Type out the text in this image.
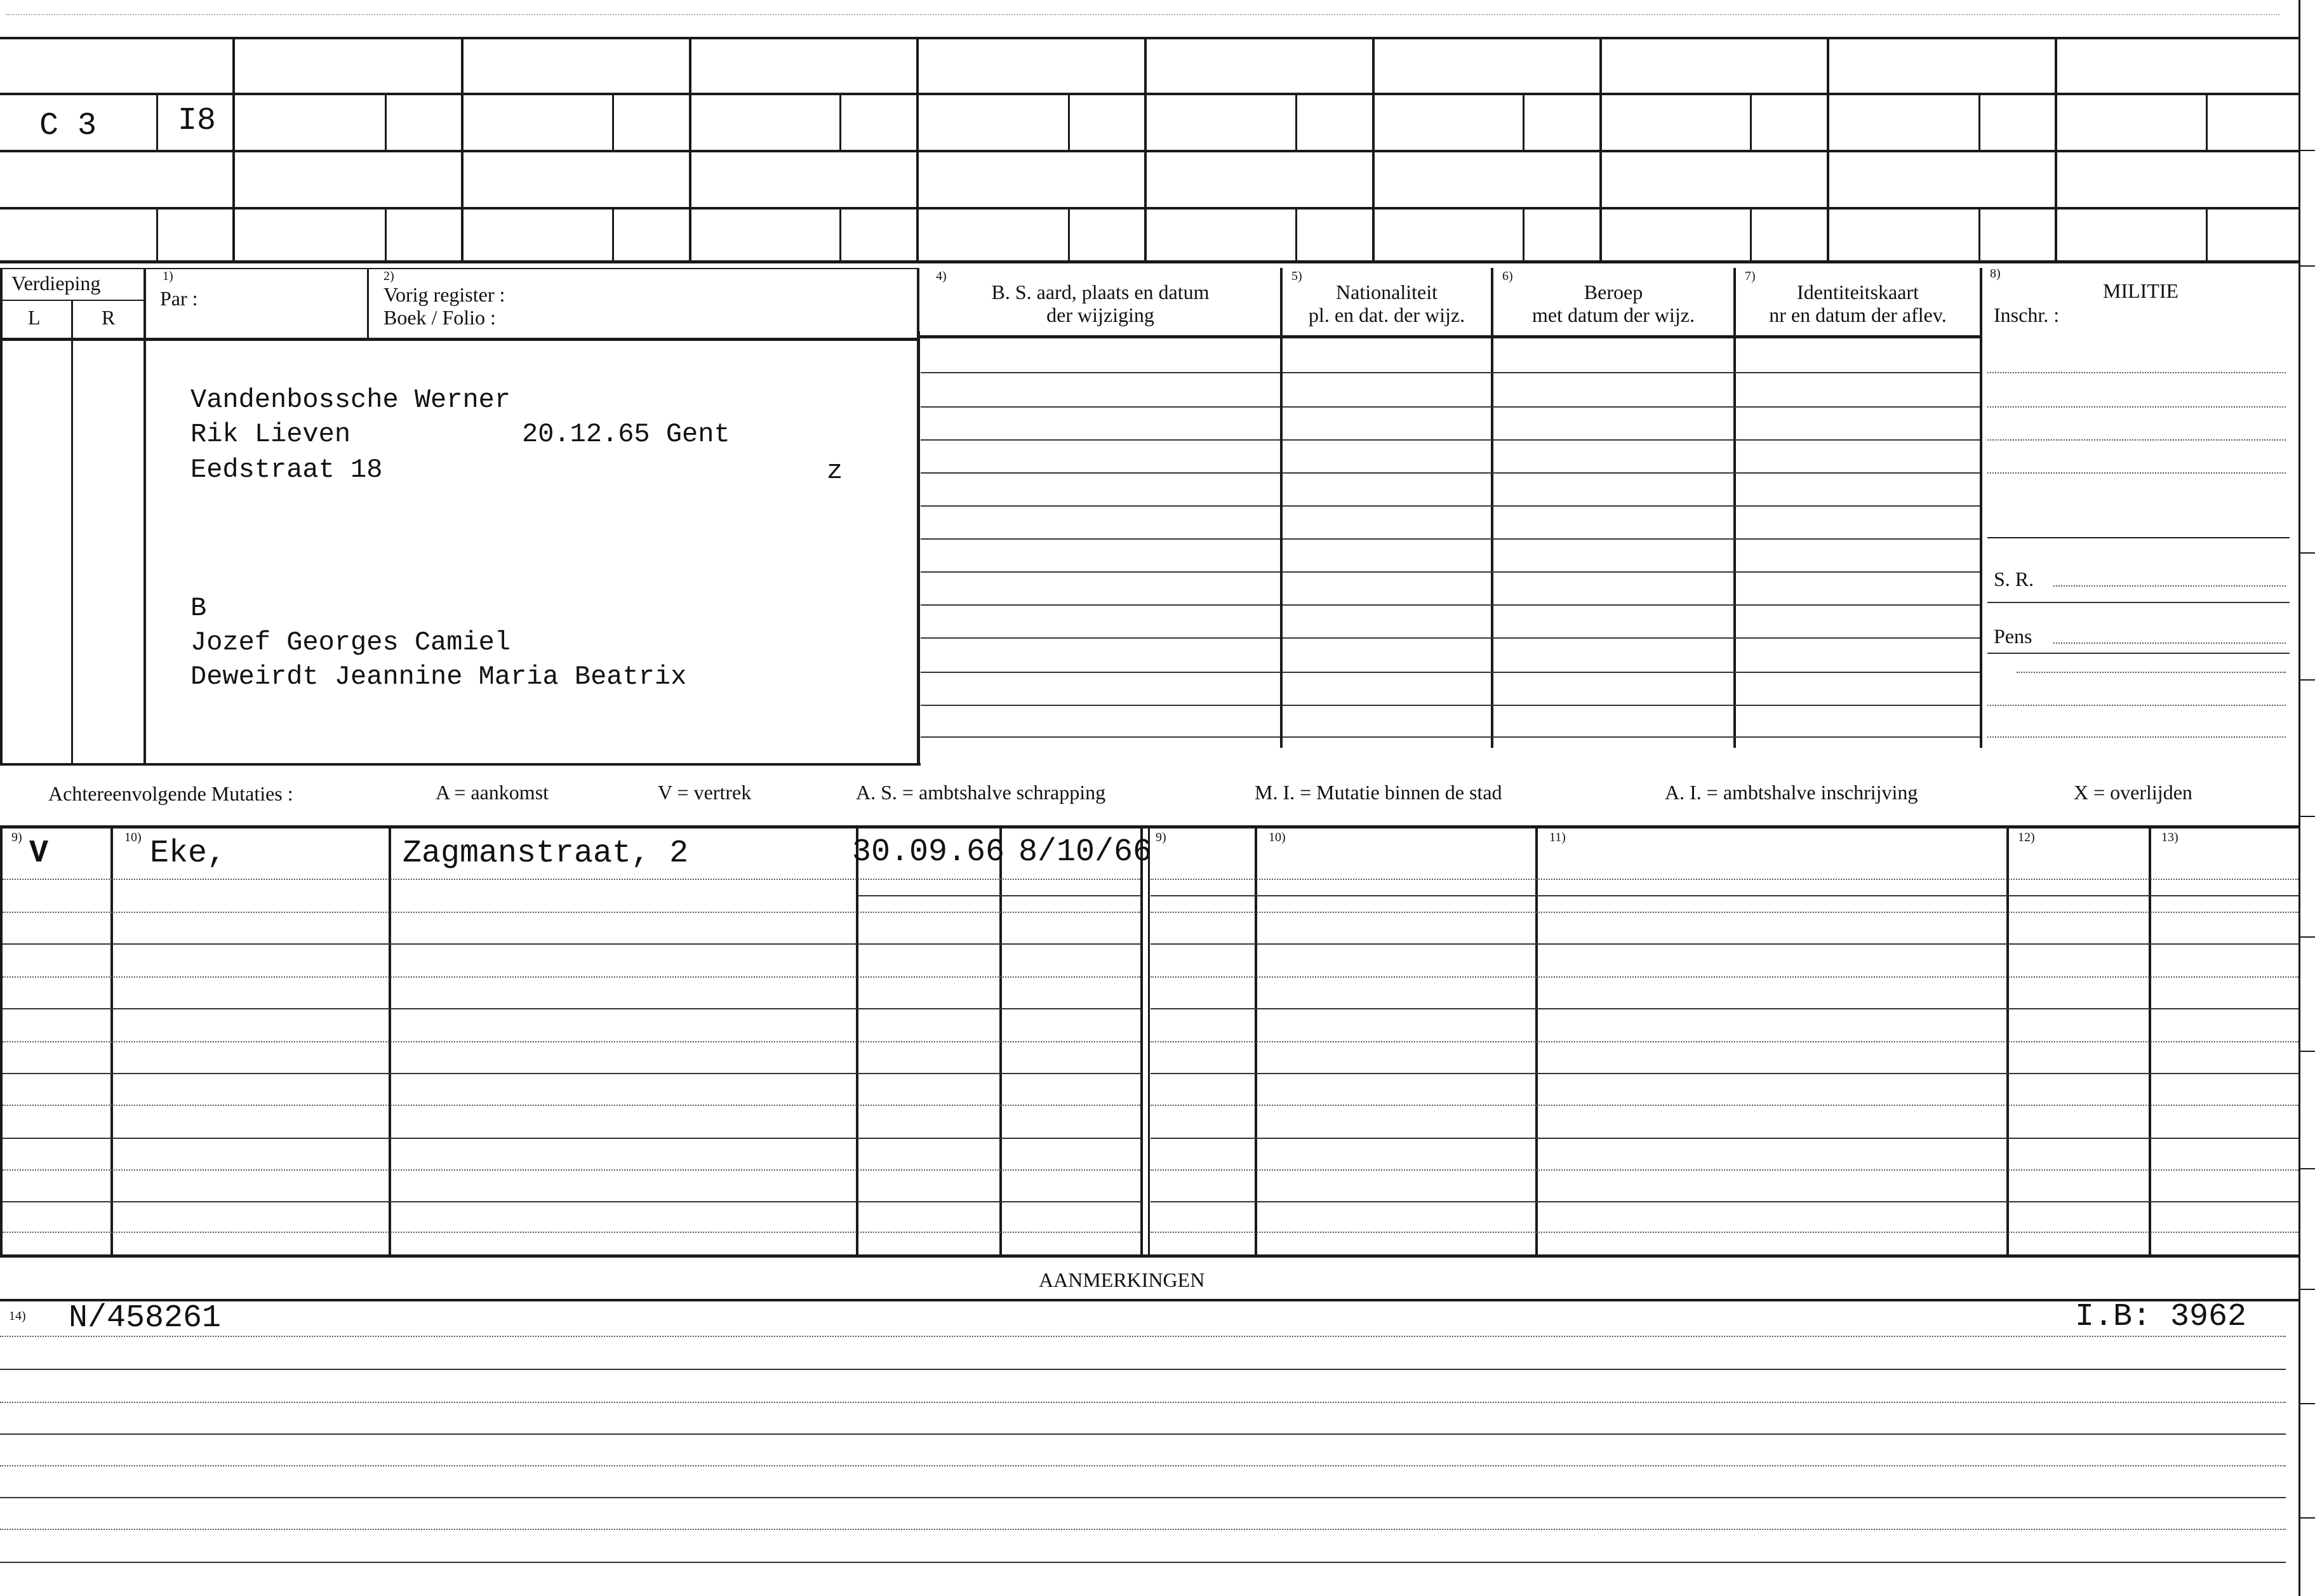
C 3	I8
Verdieping
L	R
1)
Par :
2)
Vorig register :
Boek / Folio :
4)
B. S. aard, plaats en datum
der wijziging
5)
Nationaliteit
pl. en dat. der wijz.
6)
Beroep
met datum der wijz.
7)
Identiteitskaart
nr en datum der aflev.
8)
MILITIE
Inschr. :
Vandenbossche Werner
Rik Lieven	20.12.65 Gent
Eedstraat 18	z
B
Jozef Georges Camiel
Deweirdt Jeannine Maria Beatrix
S. R.
Pens
Achtereenvolgende Mutaties :	A = aankomst	V = vertrek	A. S. = ambtshalve schrapping	M. I. = Mutatie binnen de stad	A. I. = ambtshalve inschrijving	X = overlijden
9)	10)	9)	10)	11)	12)	13)
V	Eke,	Zagmanstraat, 2	30.09.66 8/10/66
AANMERKINGEN
14) N/458261	I.B: 3962
